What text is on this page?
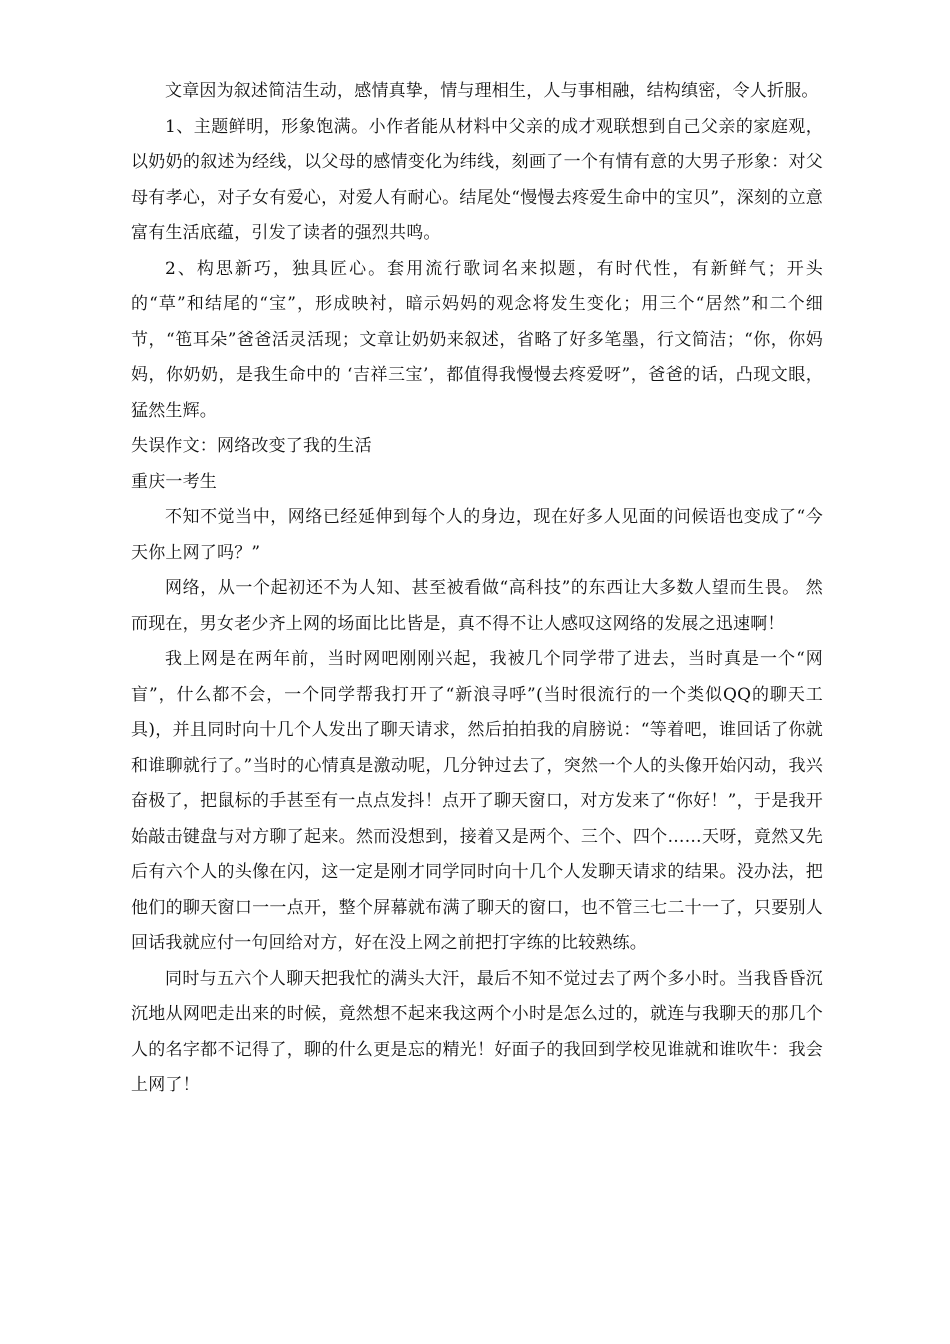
文章因为叙述简洁生动，感情真挚，情与理相生，人与事相融，结构缜密，令人折服。

1、主题鲜明，形象饱满。小作者能从材料中父亲的成才观联想到自己父亲的家庭观，以奶奶的叙述为经线，以父母的感情变化为纬线，刻画了一个有情有意的大男子形象：对父母有孝心，对子女有爱心，对爱人有耐心。结尾处“慢慢去疼爱生命中的宝贝”，深刻的立意富有生活底蕴，引发了读者的强烈共鸣。

2、构思新巧，独具匠心。套用流行歌词名来拟题，有时代性，有新鲜气；开头的“草”和结尾的“宝”，形成映衬，暗示妈妈的观念将发生变化；用三个“居然”和二个细节，“竾耳朵”爸爸活灵活现；文章让奶奶来叙述，省略了好多笔墨，行文简洁；“你，你妈妈，你奶奶，是我生命中的 ‘吉祥三宝’，都值得我慢慢去疼爱呀”，爸爸的话，凸现文眼，猛然生辉。

失误作文：网络改变了我的生活

重庆一考生

不知不觉当中，网络已经延伸到每个人的身边，现在好多人见面的问候语也变成了“今天你上网了吗？”

网络，从一个起初还不为人知、甚至被看做“高科技”的东西让大多数人望而生畏。 然而现在，男女老少齐上网的场面比比皆是，真不得不让人感叹这网络的发展之迅速啊！

我上网是在两年前，当时网吧刚刚兴起，我被几个同学带了进去，当时真是一个“网盲”，什么都不会，一个同学帮我打开了“新浪寻呼”(当时很流行的一个类似QQ的聊天工具)，并且同时向十几个人发出了聊天请求，然后拍拍我的肩膀说：“等着吧，谁回话了你就和谁聊就行了。”当时的心情真是激动呢，几分钟过去了，突然一个人的头像开始闪动，我兴奋极了，把鼠标的手甚至有一点点发抖！点开了聊天窗口，对方发来了“你好！”，于是我开始敲击键盘与对方聊了起来。然而没想到，接着又是两个、三个、四个……天呀，竟然又先后有六个人的头像在闪，这一定是刚才同学同时向十几个人发聊天请求的结果。没办法，把他们的聊天窗口一一点开，整个屏幕就布满了聊天的窗口，也不管三七二十一了，只要别人回话我就应付一句回给对方，好在没上网之前把打字练的比较熟练。

同时与五六个人聊天把我忙的满头大汗，最后不知不觉过去了两个多小时。当我昏昏沉沉地从网吧走出来的时候，竟然想不起来我这两个小时是怎么过的，就连与我聊天的那几个人的名字都不记得了，聊的什么更是忘的精光！好面子的我回到学校见谁就和谁吹牛：我会上网了！
